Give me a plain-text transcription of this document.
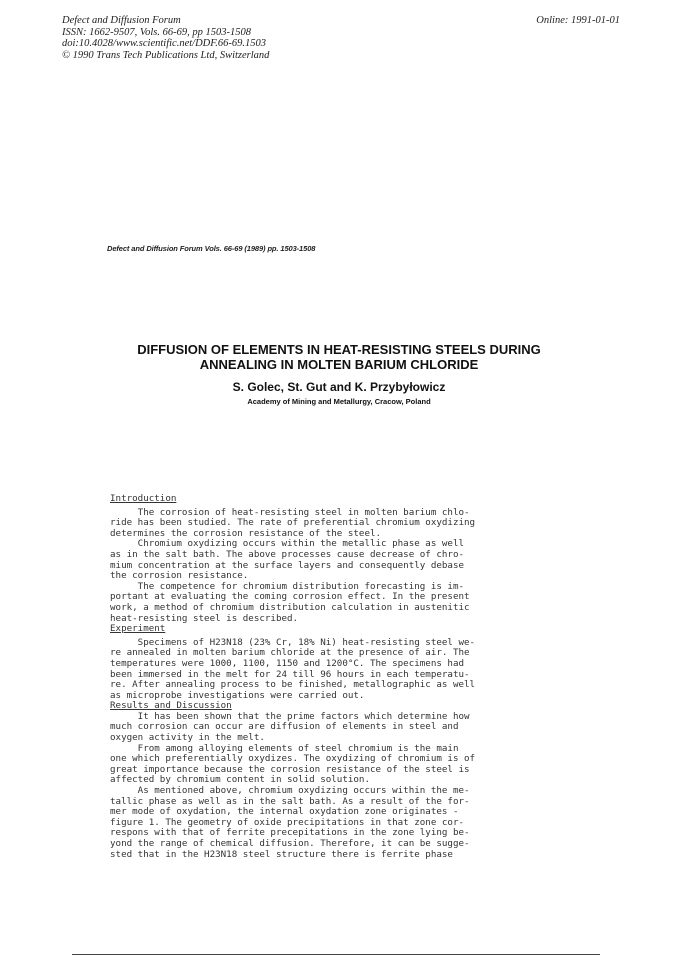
Defect and Diffusion Forum
ISSN: 1662-9507, Vols. 66-69, pp 1503-1508
doi:10.4028/www.scientific.net/DDF.66-69.1503
© 1990 Trans Tech Publications Ltd, Switzerland
Online: 1991-01-01
Defect and Diffusion Forum Vols. 66-69 (1989) pp. 1503-1508
DIFFUSION OF ELEMENTS IN HEAT-RESISTING STEELS DURING
ANNEALING IN MOLTEN BARIUM CHLORIDE
S. Golec, St. Gut and K. Przybyłowicz
Academy of Mining and Metallurgy, Cracow, Poland
Introduction
The corrosion of heat-resisting steel in molten barium chlo-
ride has been studied. The rate of preferential chromium oxydizing
determines the corrosion resistance of the steel.
Chromium oxydizing occurs within the metallic phase as well
as in the salt bath. The above processes cause decrease of chro-
mium concentration at the surface layers and consequently debase
the corrosion resistance.
The competence for chromium distribution forecasting is im-
portant at evaluating the coming corrosion effect. In the present
work, a method of chromium distribution calculation in austenitic
heat-resisting steel is described.
Experiment
Specimens of H23N18 (23% Cr, 18% Ni) heat-resisting steel we-
re annealed in molten barium chloride at the presence of air. The
temperatures were 1000, 1100, 1150 and 1200°C. The specimens had
been immersed in the melt for 24 till 96 hours in each temperatu-
re. After annealing process to be finished, metallographic as well
as microprobe investigations were carried out.
Results and Discussion
It has been shown that the prime factors which determine how
much corrosion can occur are diffusion of elements in steel and
oxygen activity in the melt.
From among alloying elements of steel chromium is the main
one which preferentially oxydizes. The oxydizing of chromium is of
great importance because the corrosion resistance of the steel is
affected by chromium content in solid solution.
As mentioned above, chromium oxydizing occurs within the me-
tallic phase as well as in the salt bath. As a result of the for-
mer mode of oxydation, the internal oxydation zone originates -
figure 1. The geometry of oxide precipitations in that zone cor-
respons with that of ferrite precepitations in the zone lying be-
yond the range of chemical diffusion. Therefore, it can be sugge-
sted that in the H23N18 steel structure there is ferrite phase
